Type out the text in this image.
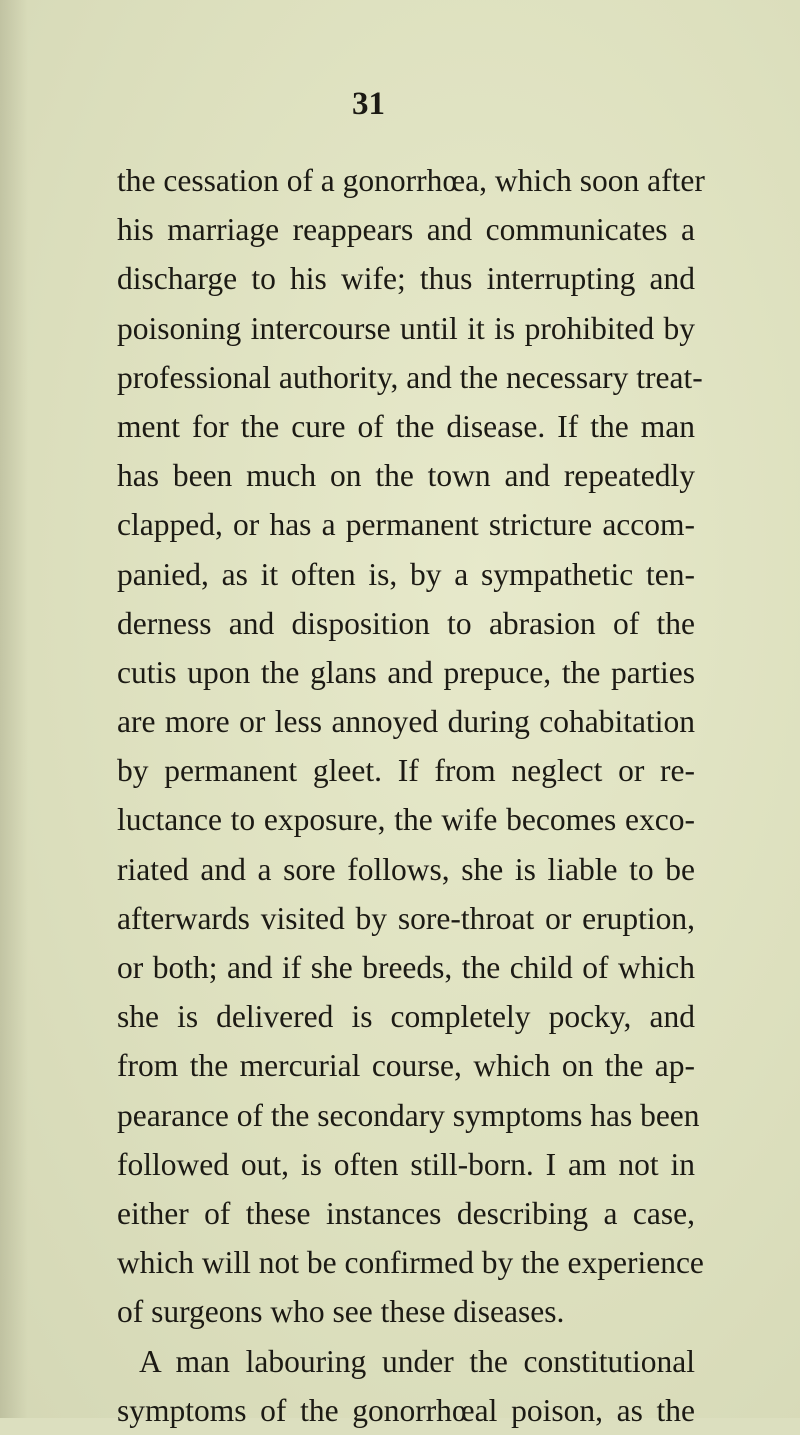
31
the cessation of a gonorrhœa, which soon after
his marriage reappears and communicates a
discharge to his wife; thus interrupting and
poisoning intercourse until it is prohibited by
professional authority, and the necessary treat-
ment for the cure of the disease. If the man
has been much on the town and repeatedly
clapped, or has a permanent stricture accom-
panied, as it often is, by a sympathetic ten-
derness and disposition to abrasion of the
cutis upon the glans and prepuce, the parties
are more or less annoyed during cohabitation
by permanent gleet. If from neglect or re-
luctance to exposure, the wife becomes exco-
riated and a sore follows, she is liable to be
afterwards visited by sore-throat or eruption,
or both; and if she breeds, the child of which
she is delivered is completely pocky, and
from the mercurial course, which on the ap-
pearance of the secondary symptoms has been
followed out, is often still-born. I am not in
either of these instances describing a case,
which will not be confirmed by the experience
of surgeons who see these diseases.
A man labouring under the constitutional
symptoms of the gonorrhœal poison, as the
